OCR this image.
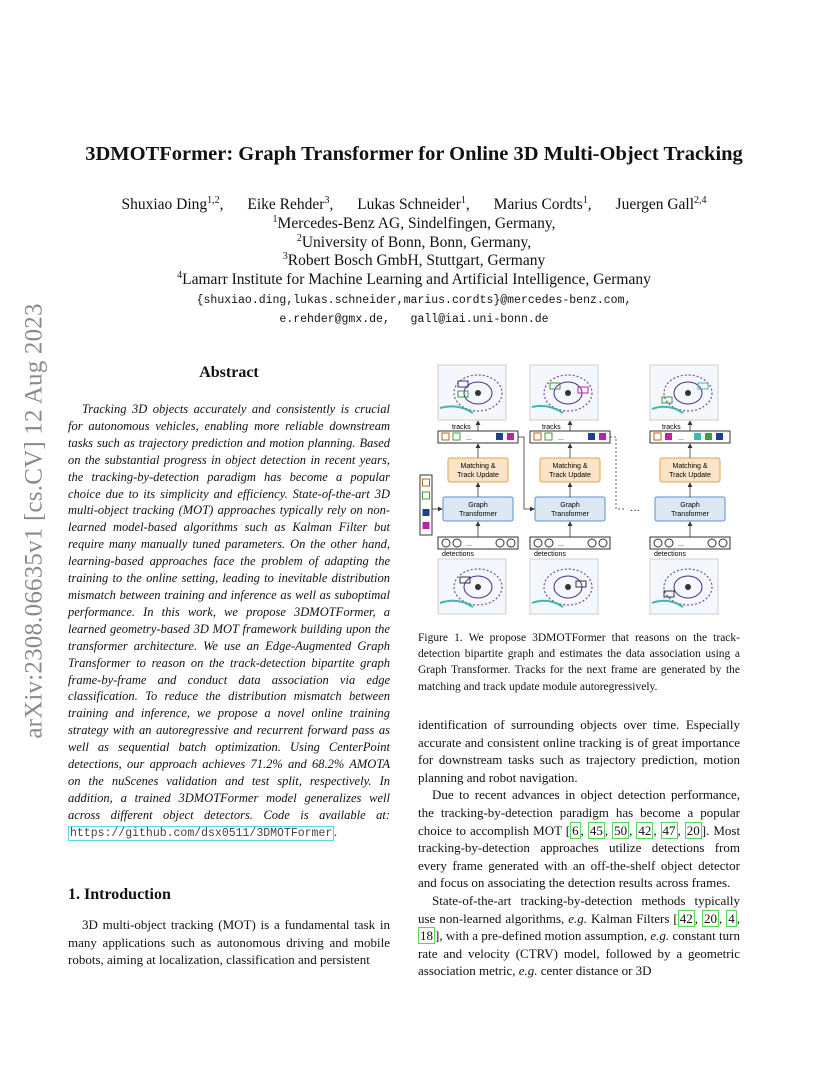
arXiv:2308.06635v1 [cs.CV] 12 Aug 2023
3DMOTFormer: Graph Transformer for Online 3D Multi-Object Tracking
Shuxiao Ding$^{1,2}$, Eike Rehder$^3$, Lukas Schneider$^1$, Marius Cordts$^1$, Juergen Gall$^{2,4}$
$^1$Mercedes-Benz AG, Sindelfingen, Germany,
$^2$University of Bonn, Bonn, Germany,
$^3$Robert Bosch GmbH, Stuttgart, Germany
$^4$Lamarr Institute for Machine Learning and Artificial Intelligence, Germany
{shuxiao.ding,lukas.schneider,marius.cordts}@mercedes-benz.com,
e.rehder@gmx.de,   gall@iai.uni-bonn.de
Abstract
Tracking 3D objects accurately and consistently is crucial for autonomous vehicles, enabling more reliable downstream tasks such as trajectory prediction and motion planning. Based on the substantial progress in object detection in recent years, the tracking-by-detection paradigm has become a popular choice due to its simplicity and efficiency. State-of-the-art 3D multi-object tracking (MOT) approaches typically rely on non-learned model-based algorithms such as Kalman Filter but require many manually tuned parameters. On the other hand, learning-based approaches face the problem of adapting the training to the online setting, leading to inevitable distribution mismatch between training and inference as well as suboptimal performance. In this work, we propose 3DMOTFormer, a learned geometry-based 3D MOT framework building upon the transformer architecture. We use an Edge-Augmented Graph Transformer to reason on the track-detection bipartite graph frame-by-frame and conduct data association via edge classification. To reduce the distribution mismatch between training and inference, we propose a novel online training strategy with an autoregressive and recurrent forward pass as well as sequential batch optimization. Using CenterPoint detections, our approach achieves 71.2% and 68.2% AMOTA on the nuScenes validation and test split, respectively. In addition, a trained 3DMOTFormer model generalizes well across different object detectors. Code is available at: https://github.com/dsx0511/3DMOTFormer .
1. Introduction
3D multi-object tracking (MOT) is a fundamental task in many applications such as autonomous driving and mobile robots, aiming at localization, classification and persistent
tracks	tracks	tracks
...	...	...
Matching &
Track Update
Matching &
Track Update
Matching &
Track Update
Graph
Transformer
Graph
Transformer
Graph
Transformer
···
...	...	...
detections	detections	detections
Figure 1. We propose 3DMOTFormer that reasons on the track-detection bipartite graph and estimates the data association using a Graph Transformer. Tracks for the next frame are generated by the matching and track update module autoregressively.

identification of surrounding objects over time. Especially accurate and consistent online tracking is of great importance for downstream tasks such as trajectory prediction, motion planning and robot navigation.

Due to recent advances in object detection performance, the tracking-by-detection paradigm has become a popular choice to accomplish MOT [ 6 , 45 , 50 , 42 , 47 , 20 ]. Most tracking-by-detection approaches utilize detections from every frame generated with an off-the-shelf object detector and focus on associating the detection results across frames.

State-of-the-art tracking-by-detection methods typically use non-learned algorithms, e.g. Kalman Filters [ 42 , 20 , 4 , 18 ], with a pre-defined motion assumption, e.g. constant turn rate and velocity (CTRV) model, followed by a geometric association metric, e.g. center distance or 3D
